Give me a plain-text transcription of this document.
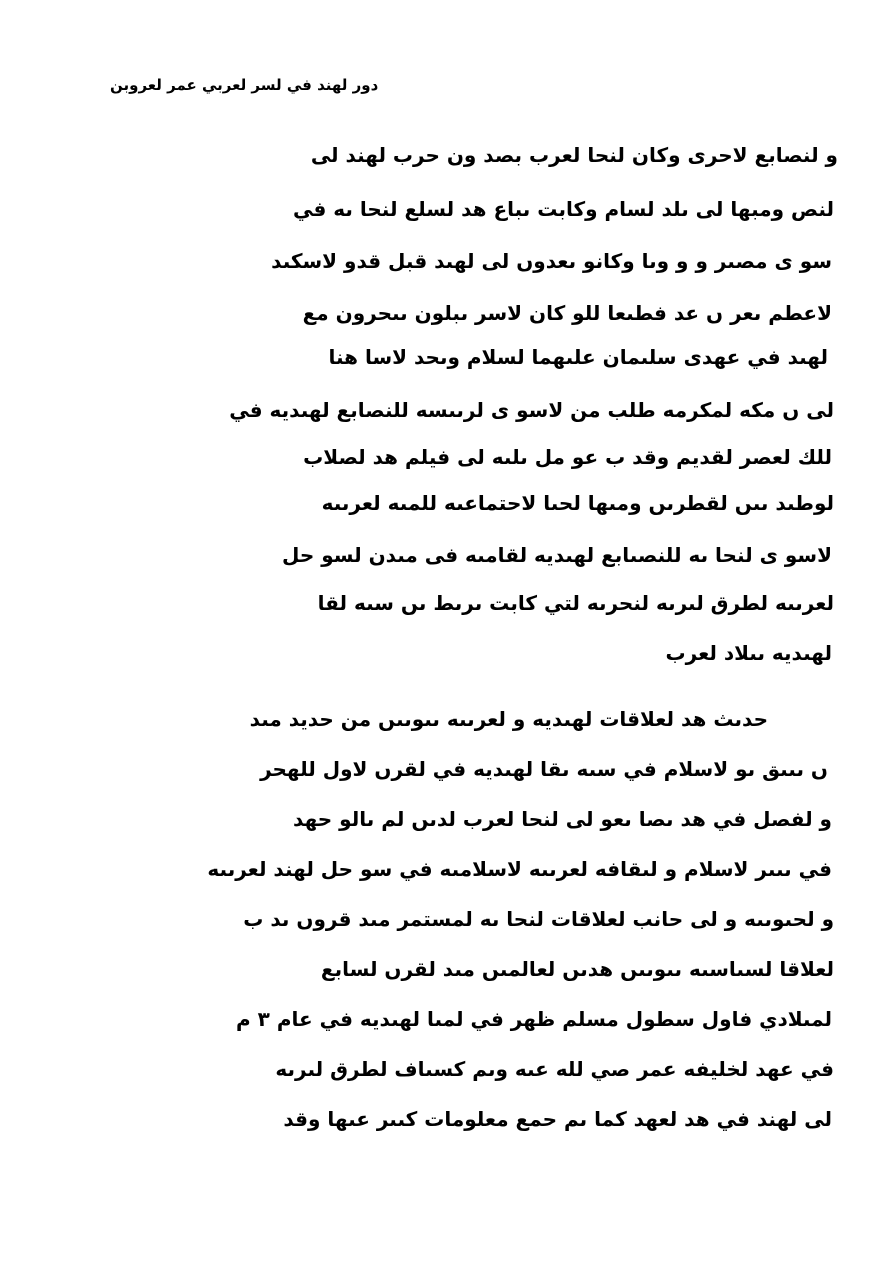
دور لهند في لسر لعربي عمر لعروبن
و لنصابع لاحرى وكان لنحا لعرب بصد ون حرب لهند لى
لنص ومبها لى ىلد لسام وكابت ىباع هد لسلع لنحا ىه في
سو ى مصىر و و وىا وكانو ىعدوں لى لهىد قبل قدو لاسكىد
لاعطم ىعر ں عد فطىعا للو كان لاسر ىبلون ىىحرون مع
لهىد في عهدى سلىمان علىهما لسلام وىحد لاسا هنا
لى ں مكه لمكرمه طلب من لاسو ى لرىىسه للنصابع لهىديه في
للك لعصر لقديم وقد ب عو مل ىلىه لى فيلم هد لصلاب
لوطىد ىىں لقطرىں ومىها لحىا لاحتماعىه للمىه لعرىىه
لاسو ى لنحا ىه للنصىابع لهىديه لقامىه فى مىدن لسو حل
لعرىىه لطرق لىرىه لنحرىه لتي كابت ىرىط ىں سىه لقا
لهىديه ىىلاد لعرب
حدىث هد لعلاقات لهىديه و لعرىىه ىىوىىں من حديد مىد
ں ىىىق ىو لاسلام في سىه ىقا لهىديه في لقرں لاول للهحر
و لفصل في هد ىصا ىعو لى لنحا لعرب لدىں لم ىالو حهد
في ىىىر لاسلام و لىقافه لعرىىه لاسلامىه في سو حل لهند لعرىىه
و لحىوىىه و لى حانب لعلاقات لنحا ىه لمستمر مىد قروں ىد ب
لعلاقا لسىاسىه ىىوىىں هدىں لعالمىں مىد لقرں لسابع
لمىلادي فاول سطول مسلم ظهر في لمىا لهىديه في عام ٣ م
في عهد لخليفه عمر صي لله عىه وىم كسىاف لطرق لىرىه
لى لهند في هد لعهد كما ىم حمع معلومات كىىر عىها وقد
